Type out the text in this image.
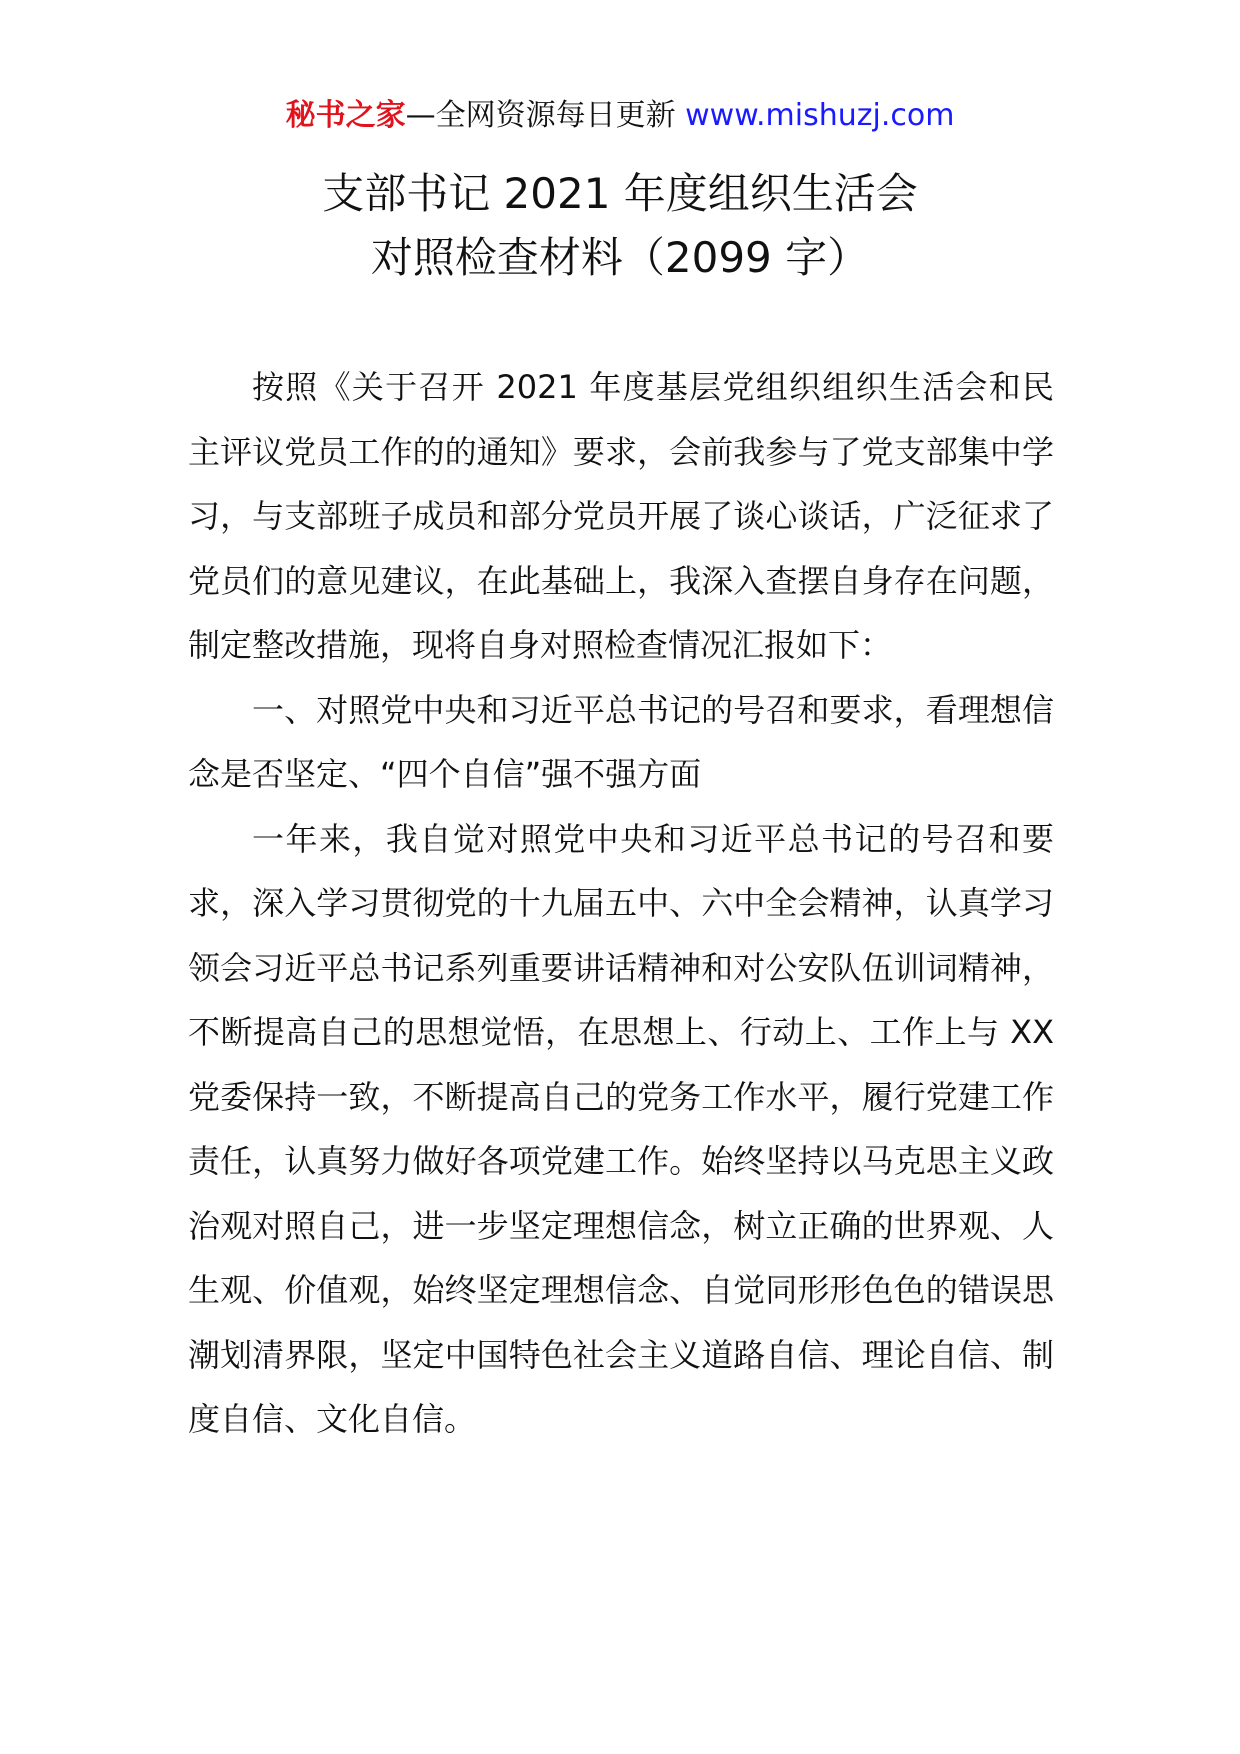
秘书之家—全网资源每日更新 www.mishuzj.com
支部书记 2021 年度组织生活会
对照检查材料（2099 字）

按照《关于召开 2021 年度基层党组织组织生活会和民主评议党员工作的的通知》要求，会前我参与了党支部集中学习，与支部班子成员和部分党员开展了谈心谈话，广泛征求了党员们的意见建议，在此基础上，我深入查摆自身存在问题，制定整改措施，现将自身对照检查情况汇报如下：

一、对照党中央和习近平总书记的号召和要求，看理想信念是否坚定、“四个自信”强不强方面

一年来，我自觉对照党中央和习近平总书记的号召和要求，深入学习贯彻党的十九届五中、六中全会精神，认真学习领会习近平总书记系列重要讲话精神和对公安队伍训词精神，不断提高自己的思想觉悟，在思想上、行动上、工作上与 XX 党委保持一致，不断提高自己的党务工作水平，履行党建工作责任，认真努力做好各项党建工作。始终坚持以马克思主义政治观对照自己，进一步坚定理想信念，树立正确的世界观、人生观、价值观，始终坚定理想信念、自觉同形形色色的错误思潮划清界限，坚定中国特色社会主义道路自信、理论自信、制度自信、文化自信。
